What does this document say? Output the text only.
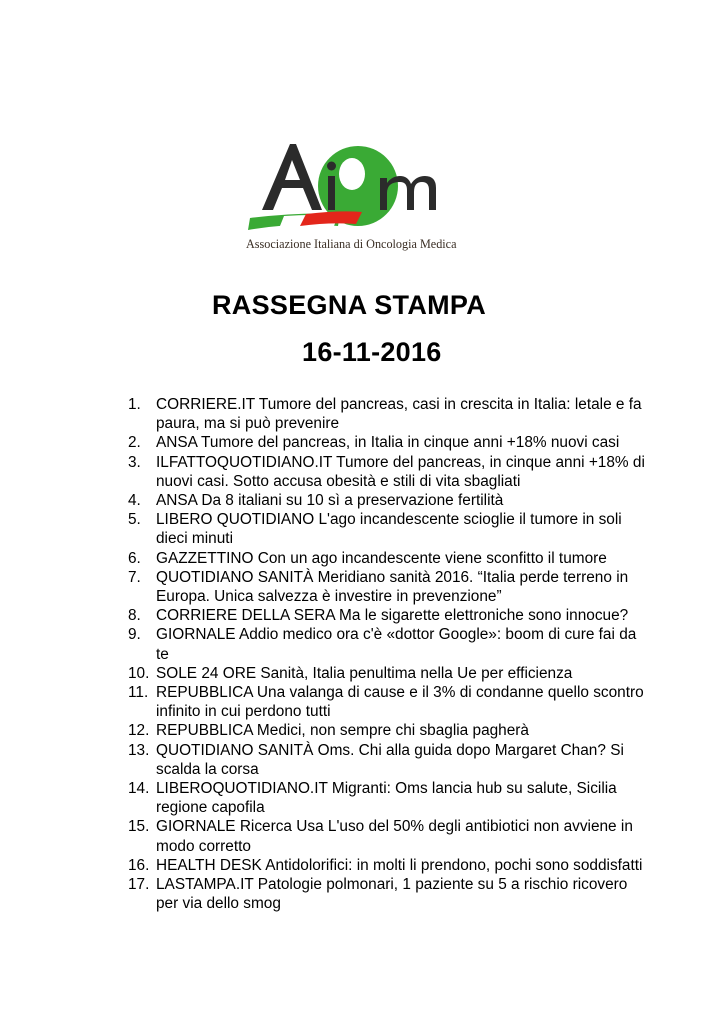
Associazione Italiana di Oncologia Medica
RASSEGNA STAMPA
16-11-2016
1. CORRIERE.IT Tumore del pancreas, casi in crescita in Italia: letale e fa paura, ma si può prevenire
2. ANSA Tumore del pancreas, in Italia in cinque anni +18% nuovi casi
3. ILFATTOQUOTIDIANO.IT Tumore del pancreas, in cinque anni +18% di nuovi casi. Sotto accusa obesità e stili di vita sbagliati
4. ANSA Da 8 italiani su 10 sì a preservazione fertilità
5. LIBERO QUOTIDIANO L'ago incandescente scioglie il tumore in soli dieci minuti
6. GAZZETTINO Con un ago incandescente viene sconfitto il tumore
7. QUOTIDIANO SANITÀ Meridiano sanità 2016. “Italia perde terreno in Europa. Unica salvezza è investire in prevenzione”
8. CORRIERE DELLA SERA Ma le sigarette elettroniche sono innocue?
9. GIORNALE Addio medico ora c'è «dottor Google»: boom di cure fai da te
10. SOLE 24 ORE Sanità, Italia penultima nella Ue per efficienza
11. REPUBBLICA Una valanga di cause e il 3% di condanne quello scontro infinito in cui perdono tutti
12. REPUBBLICA Medici, non sempre chi sbaglia pagherà
13. QUOTIDIANO SANITÀ Oms. Chi alla guida dopo Margaret Chan? Si scalda la corsa
14. LIBEROQUOTIDIANO.IT Migranti: Oms lancia hub su salute, Sicilia regione capofila
15. GIORNALE Ricerca Usa L'uso del 50% degli antibiotici non avviene in modo corretto
16. HEALTH DESK Antidolorifici: in molti li prendono, pochi sono soddisfatti
17. LASTAMPA.IT Patologie polmonari, 1 paziente su 5 a rischio ricovero per via dello smog
